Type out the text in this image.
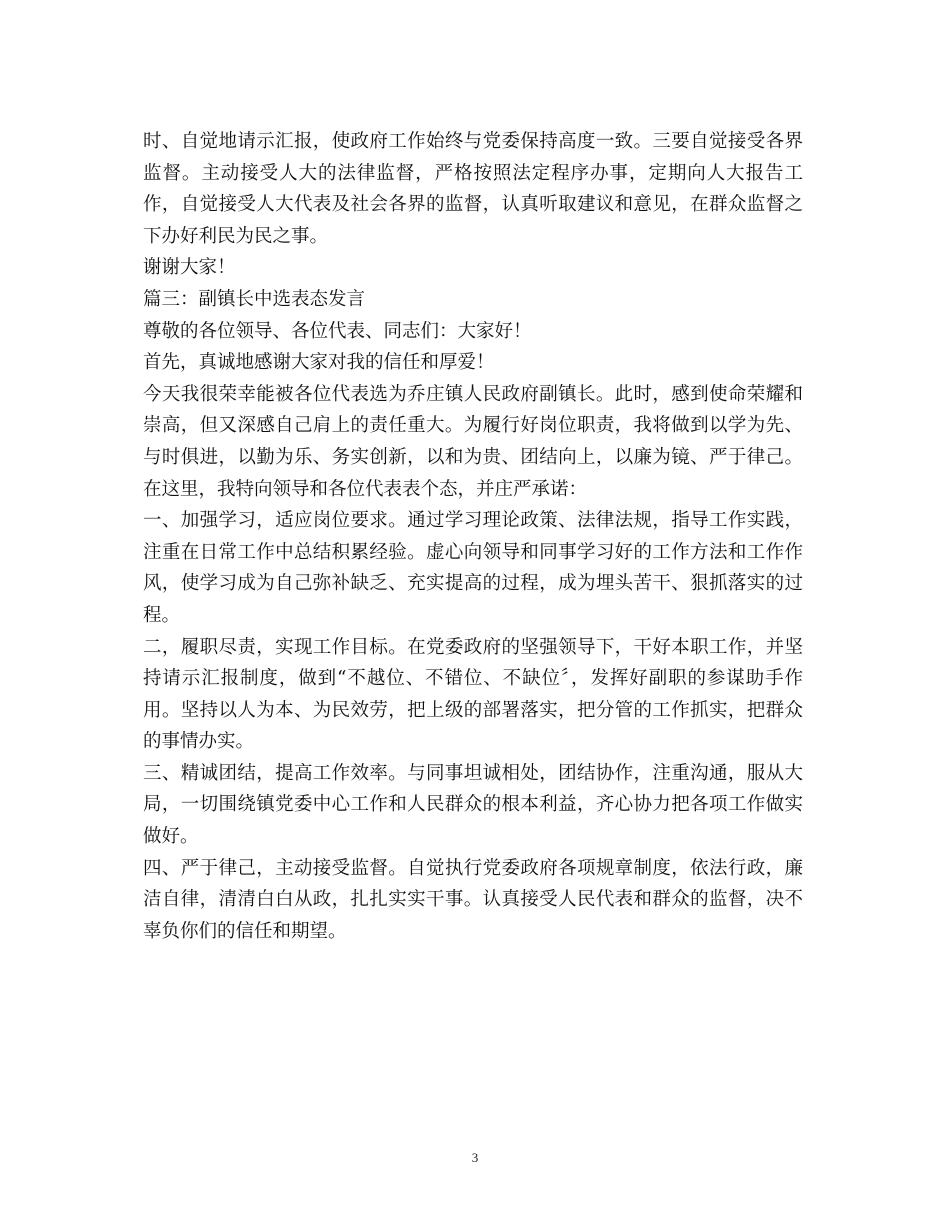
时、自觉地请示汇报，使政府工作始终与党委保持高度一致。三要自觉接受各界监督。主动接受人大的法律监督，严格按照法定程序办事，定期向人大报告工作，自觉接受人大代表及社会各界的监督，认真听取建议和意见，在群众监督之下办好利民为民之事。

谢谢大家！

篇三：副镇长中选表态发言

尊敬的各位领导、各位代表、同志们：大家好！

首先，真诚地感谢大家对我的信任和厚爱！

今天我很荣幸能被各位代表选为乔庄镇人民政府副镇长。此时，感到使命荣耀和崇高，但又深感自己肩上的责任重大。为履行好岗位职责，我将做到以学为先、与时俱进，以勤为乐、务实创新，以和为贵、团结向上，以廉为镜、严于律己。在这里，我特向领导和各位代表表个态，并庄严承诺：

一、加强学习，适应岗位要求。通过学习理论政策、法律法规，指导工作实践，注重在日常工作中总结积累经验。虚心向领导和同事学习好的工作方法和工作作风，使学习成为自己弥补缺乏、充实提高的过程，成为埋头苦干、狠抓落实的过程。

二，履职尽责，实现工作目标。在党委政府的坚强领导下，干好本职工作，并坚持请示汇报制度，做到“不越位、不错位、不缺位〞，发挥好副职的参谋助手作用。坚持以人为本、为民效劳，把上级的部署落实，把分管的工作抓实，把群众的事情办实。

三、精诚团结，提高工作效率。与同事坦诚相处，团结协作，注重沟通，服从大局，一切围绕镇党委中心工作和人民群众的根本利益，齐心协力把各项工作做实做好。

四、严于律己，主动接受监督。自觉执行党委政府各项规章制度，依法行政，廉洁自律，清清白白从政，扎扎实实干事。认真接受人民代表和群众的监督，决不辜负你们的信任和期望。

3
